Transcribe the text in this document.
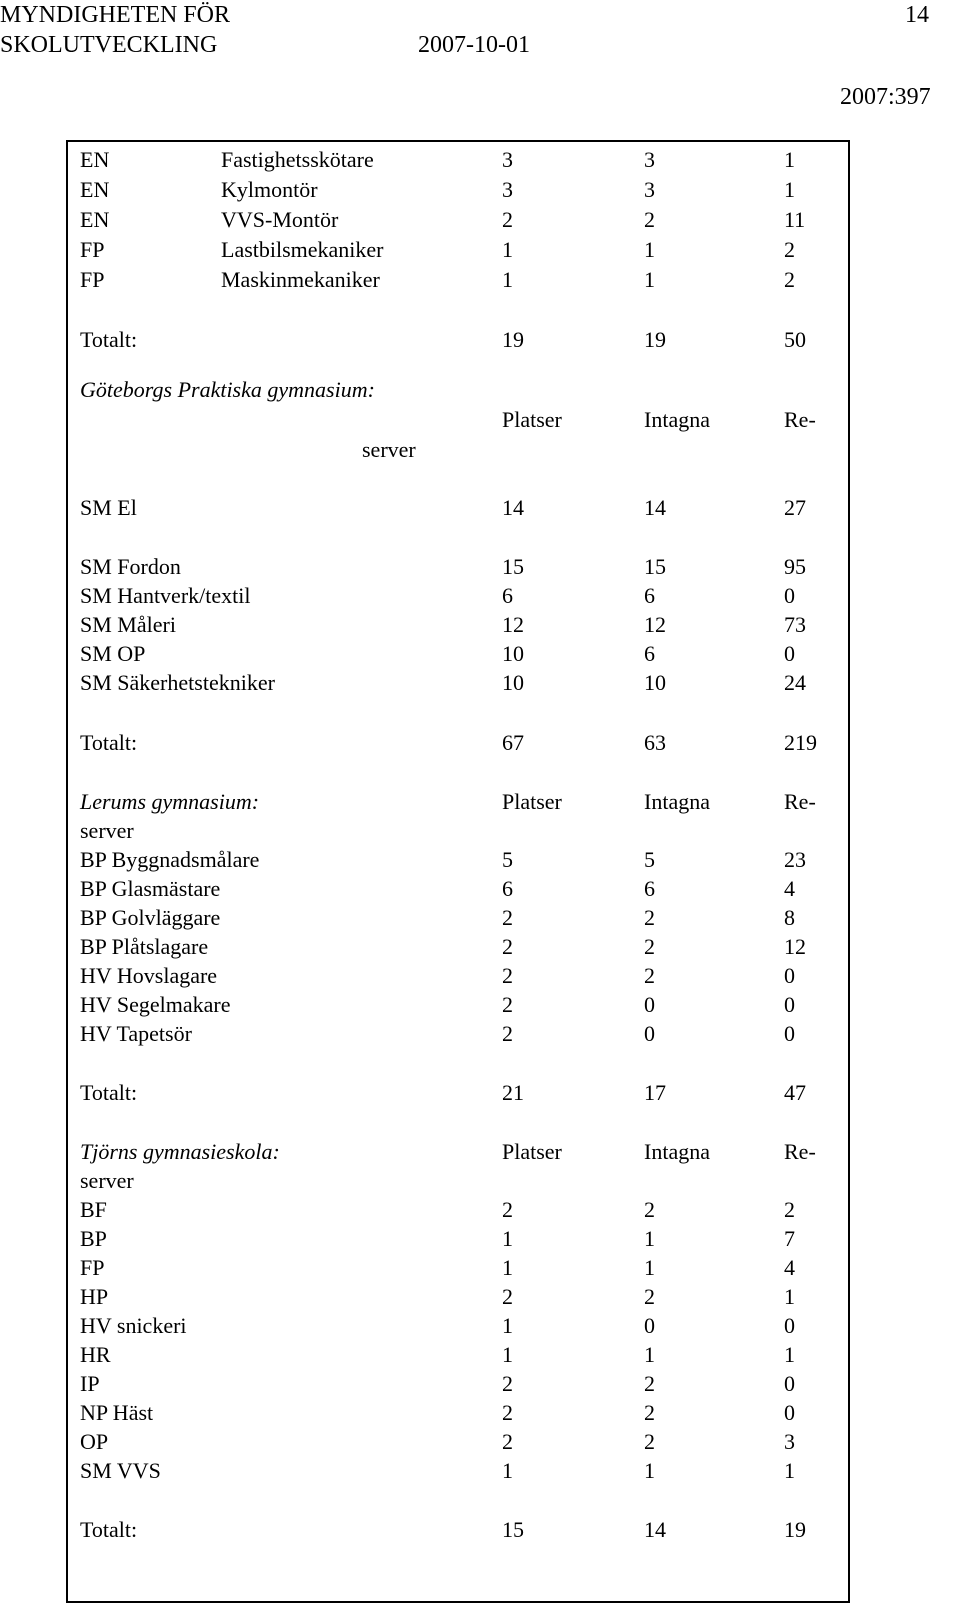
MYNDIGHETEN FÖR
SKOLUTVECKLING	2007-10-01
14
2007:397
EN	Fastighetsskötare	3	3	1
EN	Kylmontör	3	3	1
EN	VVS-Montör	2	2	11
FP	Lastbilsmekaniker	1	1	2
FP	Maskinmekaniker	1	1	2
Totalt:	19	19	50
Göteborgs Praktiska gymnasium:
Platser	Intagna	Re-
server
SM El	14	14	27
SM Fordon	15	15	95
SM Hantverk/textil	6	6	0
SM Måleri	12	12	73
SM OP	10	6	0
SM Säkerhetstekniker	10	10	24
Totalt:	67	63	219
Lerums gymnasium:	Platser	Intagna	Re-
server
BP Byggnadsmålare	5	5	23
BP Glasmästare	6	6	4
BP Golvläggare	2	2	8
BP Plåtslagare	2	2	12
HV Hovslagare	2	2	0
HV Segelmakare	2	0	0
HV Tapetsör	2	0	0
Totalt:	21	17	47
Tjörns gymnasieskola:	Platser	Intagna	Re-
server
BF	2	2	2
BP	1	1	7
FP	1	1	4
HP	2	2	1
HV snickeri	1	0	0
HR	1	1	1
IP	2	2	0
NP Häst	2	2	0
OP	2	2	3
SM VVS	1	1	1
Totalt:	15	14	19
